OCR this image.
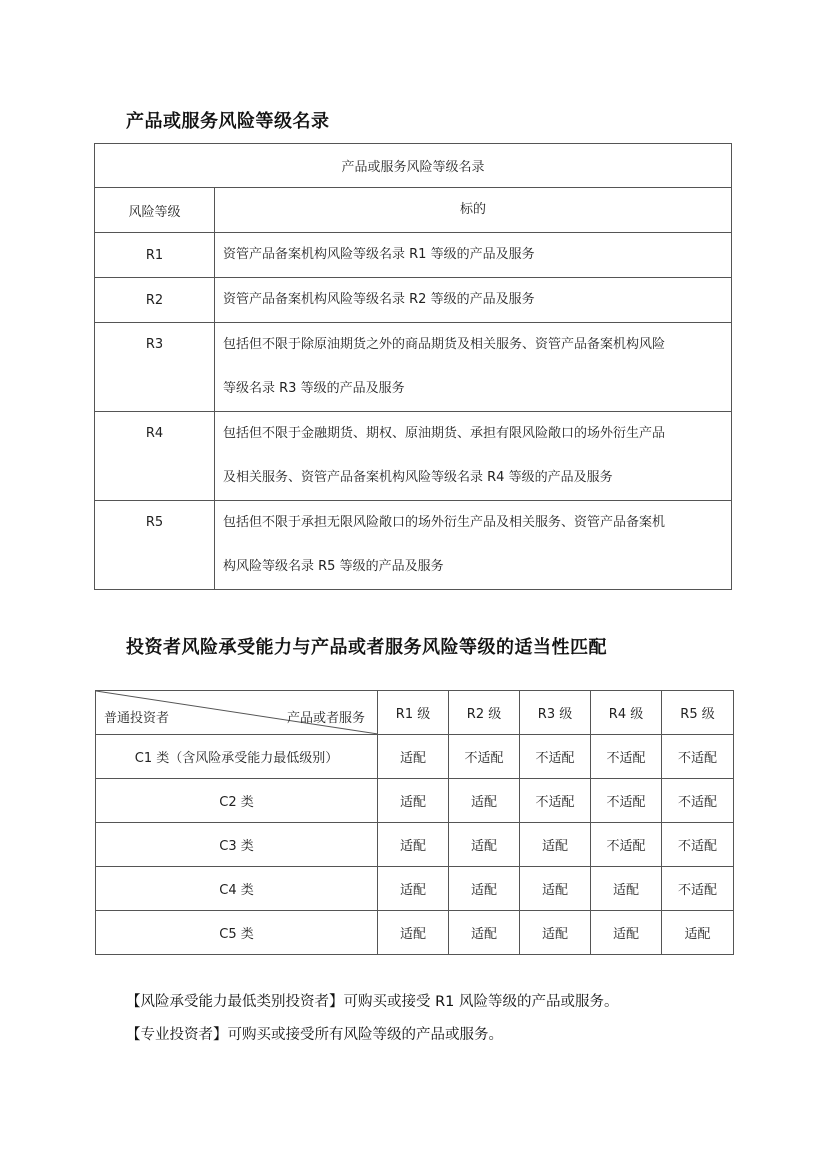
产品或服务风险等级名录
产品或服务风险等级名录	
风险等级	标的
R1	资管产品备案机构风险等级名录 R1 等级的产品及服务

R2	资管产品备案机构风险等级名录 R2 等级的产品及服务

R3	包括但不限于除原油期货之外的商品期货及相关服务、资管产品备案机构风险
等级名录 R3 等级的产品及服务

R4	包括但不限于金融期货、期权、原油期货、承担有限风险敞口的场外衍生产品
及相关服务、资管产品备案机构风险等级名录 R4 等级的产品及服务

R5	包括但不限于承担无限风险敞口的场外衍生产品及相关服务、资管产品备案机
构风险等级名录 R5 等级的产品及服务
投资者风险承受能力与产品或者服务风险等级的适当性匹配
普通投资者 产品或者服务	R1 级	R2 级	R3 级	R4 级	R5 级
C1 类（含风险承受能力最低级别）	适配	不适配	不适配	不适配	不适配
C2 类	适配	适配	不适配	不适配	不适配
C3 类	适配	适配	适配	不适配	不适配
C4 类	适配	适配	适配	适配	不适配
C5 类	适配	适配	适配	适配	适配
【风险承受能力最低类别投资者】可购买或接受 R1 风险等级的产品或服务。
【专业投资者】可购买或接受所有风险等级的产品或服务。
